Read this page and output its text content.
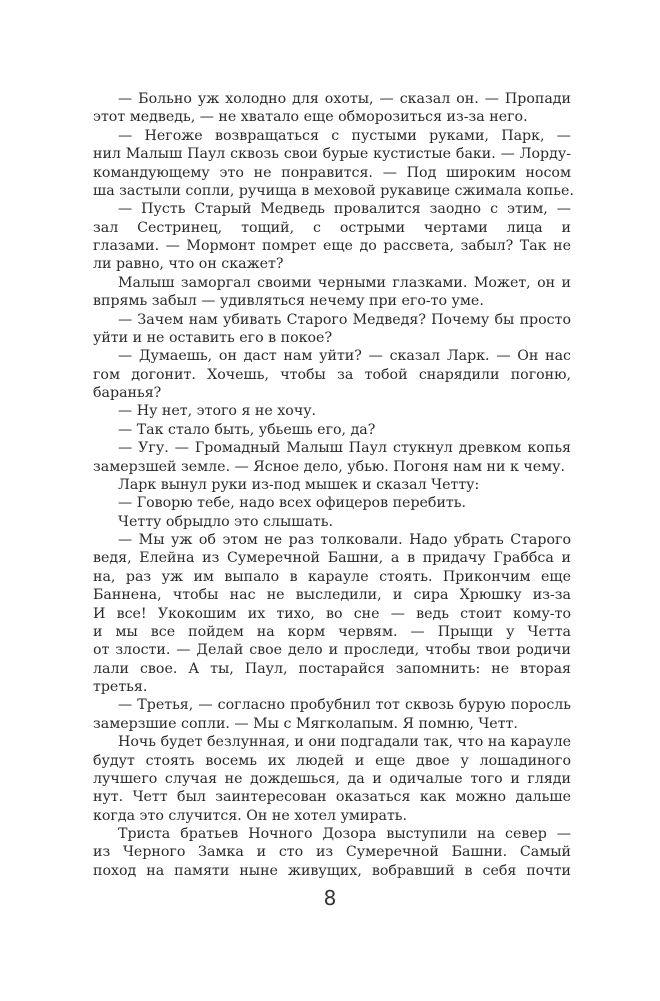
— Больно уж холодно для охоты, — сказал он. — Пропади
этот медведь, — не хватало еще обморозиться из-за него.
— Негоже возвращаться с пустыми руками, Парк, —
нил Малыш Паул сквозь свои бурые кустистые баки. — Лорду-
командующему это не понравится. — Под широким носом
ша застыли сопли, ручища в меховой рукавице сжимала копье.
— Пусть Старый Медведь провалится заодно с этим, —
зал Сестринец, тощий, с острыми чертами лица и
глазами. — Мормонт помрет еще до рассвета, забыл? Так не
ли равно, что он скажет?
Малыш заморгал своими черными глазками. Может, он и
впрямь забыл — удивляться нечему при его-то уме.
— Зачем нам убивать Старого Медведя? Почему бы просто
уйти и не оставить его в покое?
— Думаешь, он даст нам уйти? — сказал Ларк. — Он нас
гом догонит. Хочешь, чтобы за тобой снарядили погоню,
баранья?
— Ну нет, этого я не хочу.
— Так стало быть, убьешь его, да?
— Угу. — Громадный Малыш Паул стукнул древком копья
замерзшей земле. — Ясное дело, убью. Погоня нам ни к чему.
Ларк вынул руки из-под мышек и сказал Четту:
— Говорю тебе, надо всех офицеров перебить.
Четту обрыдло это слышать.
— Мы уж об этом не раз толковали. Надо убрать Старого
ведя, Елейна из Сумеречной Башни, а в придачу Граббса и
на, раз уж им выпало в карауле стоять. Прикончим еще
Баннена, чтобы нас не выследили, и сира Хрюшку из-за
И все! Укокошим их тихо, во сне — ведь стоит кому-то
и мы все пойдем на корм червям. — Прыщи у Четта
от злости. — Делай свое дело и проследи, чтобы твои родичи
лали свое. А ты, Паул, постарайся запомнить: не вторая
третья.
— Третья, — согласно пробубнил тот сквозь бурую поросль
замерзшие сопли. — Мы с Мягколапым. Я помню, Четт.
Ночь будет безлунная, и они подгадали так, что на карауле
будут стоять восемь их людей и еще двое у лошадиного
лучшего случая не дождешься, да и одичалые того и гляди
нут. Четт был заинтересован оказаться как можно дальше
когда это случится. Он не хотел умирать.
Триста братьев Ночного Дозора выступили на север —
из Черного Замка и сто из Сумеречной Башни. Самый
поход на памяти ныне живущих, вобравший в себя почти
8
